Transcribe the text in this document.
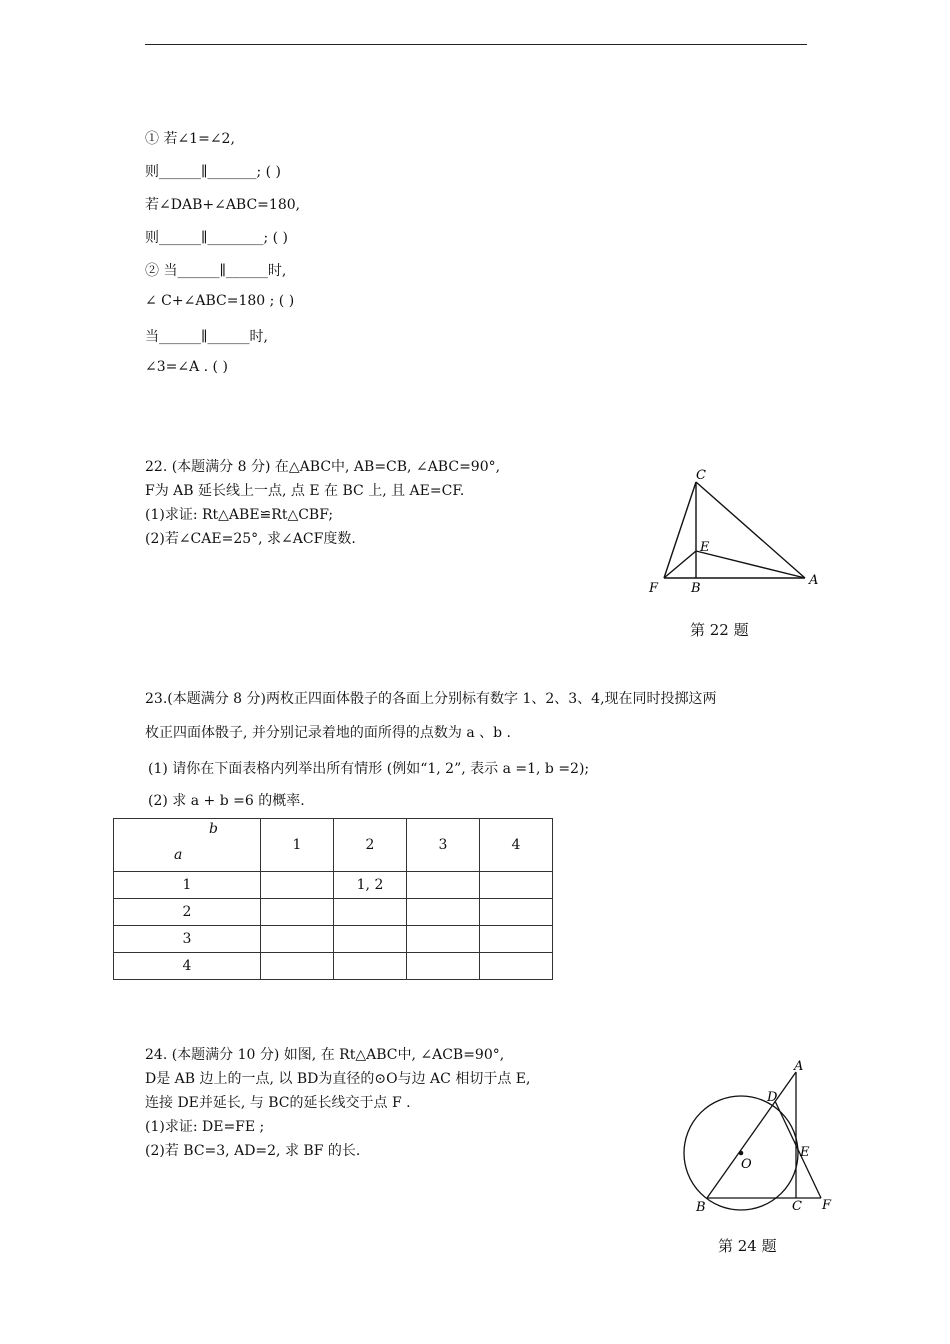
① 若∠1=∠2,
则______∥_______; ( )
若∠DAB+∠ABC=180,
则______∥________; ( )
② 当______∥______时,
∠ C+∠ABC=180 ; ( )
当______∥______时,
∠3=∠A . ( )
22. (本题满分 8 分) 在△ABC中, AB=CB, ∠ABC=90°,
F为 AB 延长线上一点, 点 E 在 BC 上, 且 AE=CF.
(1)求证: Rt△ABE≌Rt△CBF;
(2)若∠CAE=25°, 求∠ACF度数.
C
E
F	B
A
第 22 题
23.(本题满分 8 分)两枚正四面体骰子的各面上分别标有数字 1、2、3、4,现在同时投掷这两
枚正四面体骰子, 并分别记录着地的面所得的点数为 a 、b .
(1) 请你在下面表格内列举出所有情形 (例如“1, 2”, 表示 a =1, b =2);
(2) 求 a + b =6 的概率.
b
a	1	2	3	4
1		1, 2		
2				
3				
4				
24. (本题满分 10 分) 如图, 在 Rt△ABC中, ∠ACB=90°,
D是 AB 边上的一点, 以 BD为直径的⊙O与边 AC 相切于点 E,
连接 DE并延长, 与 BC的延长线交于点 F .
(1)求证: DE=FE ;
(2)若 BC=3, AD=2, 求 BF 的长.
A
D
E
O
B	C F
第 24 题
